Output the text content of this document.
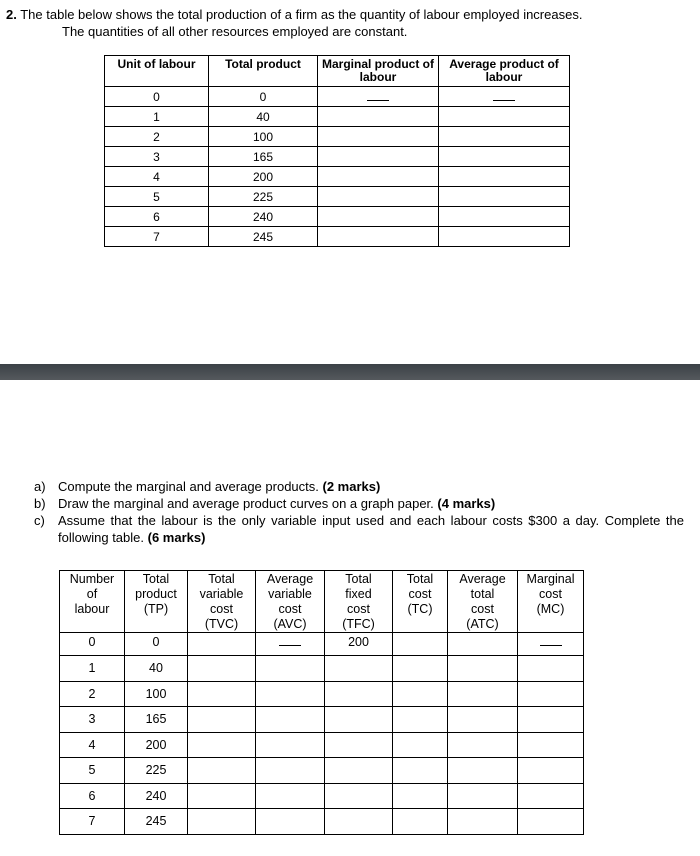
2. The table below shows the total production of a firm as the quantity of labour employed increases.
The quantities of all other resources employed are constant.
Unit of labour	Total product	Marginal product of labour	Average product of labour
0	0		
1	40		
2	100		
3	165		
4	200		
5	225		
6	240		
7	245		
a) Compute the marginal and average products. (2 marks)
b) Draw the marginal and average product curves on a graph paper. (4 marks)
c) Assume that the labour is the only variable input used and each labour costs $300 a day. Complete the following table. (6 marks)
Number
of
labour	Total
product
(TP)	Total
variable
cost
(TVC)	Average
variable
cost
(AVC)	Total
fixed
cost
(TFC)	Total
cost
(TC)	Average
total
cost
(ATC)	Marginal
cost
(MC)
0	0			200			
1	40						
2	100						
3	165						
4	200						
5	225						
6	240						
7	245						
